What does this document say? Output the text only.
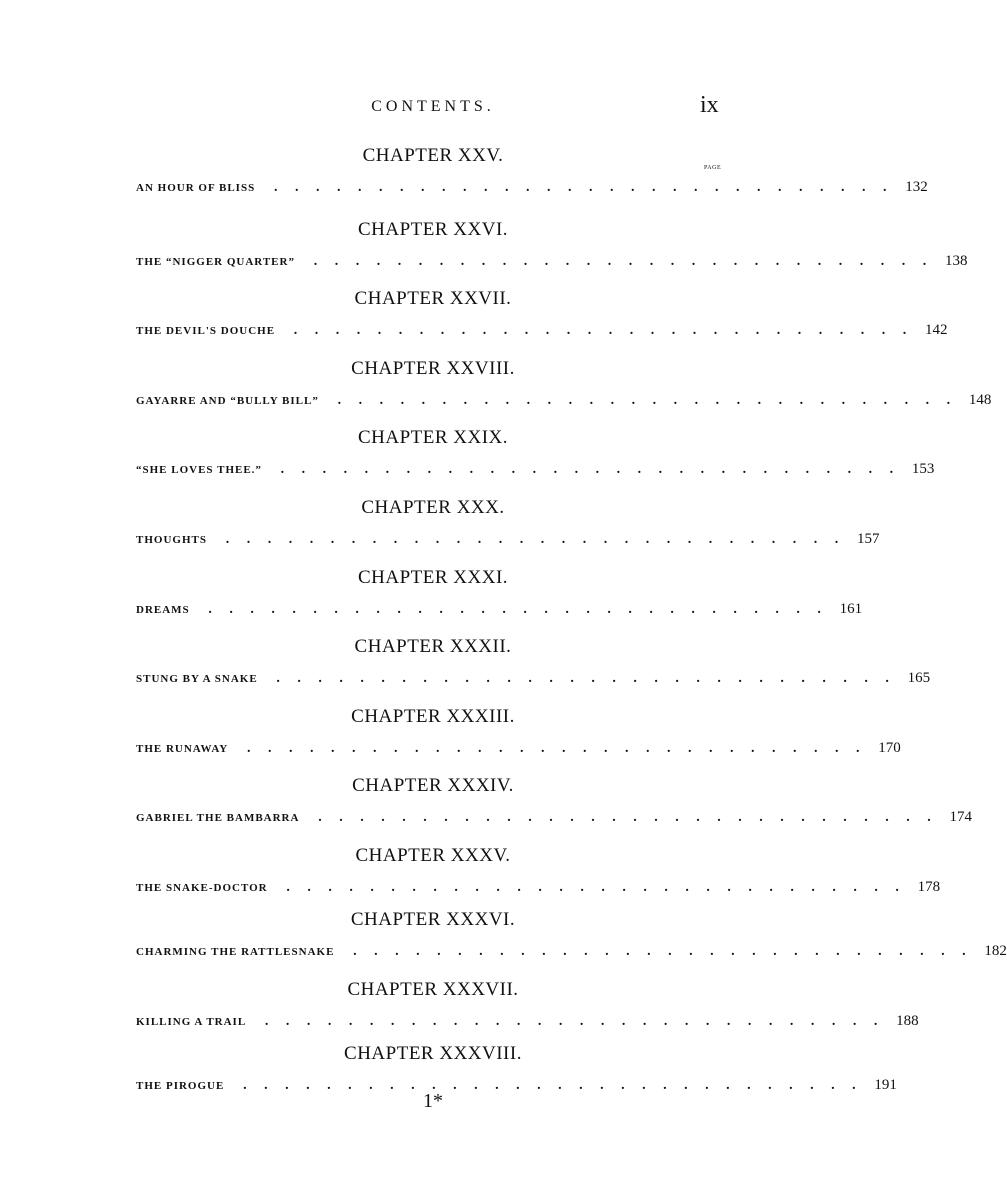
CONTENTS.	ix
PAGE
CHAPTER XXV.
AN HOUR OF BLISS	. . . . . . . . . . . . . . . . . . . . . . . . . . . . . .	132
CHAPTER XXVI.
THE “NIGGER QUARTER”	. . . . . . . . . . . . . . . . . . . . . . . . . . . . . .	138
CHAPTER XXVII.
THE DEVIL'S DOUCHE	. . . . . . . . . . . . . . . . . . . . . . . . . . . . . .	142
CHAPTER XXVIII.
GAYARRE AND “BULLY BILL”	. . . . . . . . . . . . . . . . . . . . . . . . . . . . . .	148
CHAPTER XXIX.
“SHE LOVES THEE.”	. . . . . . . . . . . . . . . . . . . . . . . . . . . . . .	153
CHAPTER XXX.
THOUGHTS	. . . . . . . . . . . . . . . . . . . . . . . . . . . . . .	157
CHAPTER XXXI.
DREAMS	. . . . . . . . . . . . . . . . . . . . . . . . . . . . . .	161
CHAPTER XXXII.
STUNG BY A SNAKE	. . . . . . . . . . . . . . . . . . . . . . . . . . . . . .	165
CHAPTER XXXIII.
THE RUNAWAY	. . . . . . . . . . . . . . . . . . . . . . . . . . . . . .	170
CHAPTER XXXIV.
GABRIEL THE BAMBARRA	. . . . . . . . . . . . . . . . . . . . . . . . . . . . . .	174
CHAPTER XXXV.
THE SNAKE-DOCTOR	. . . . . . . . . . . . . . . . . . . . . . . . . . . . . .	178
CHAPTER XXXVI.
CHARMING THE RATTLESNAKE	. . . . . . . . . . . . . . . . . . . . . . . . . . . . . .	182
CHAPTER XXXVII.
KILLING A TRAIL	. . . . . . . . . . . . . . . . . . . . . . . . . . . . . .	188
CHAPTER XXXVIII.
THE PIROGUE	. . . . . . . . . . . . . . . . . . . . . . . . . . . . . .	191
1*
